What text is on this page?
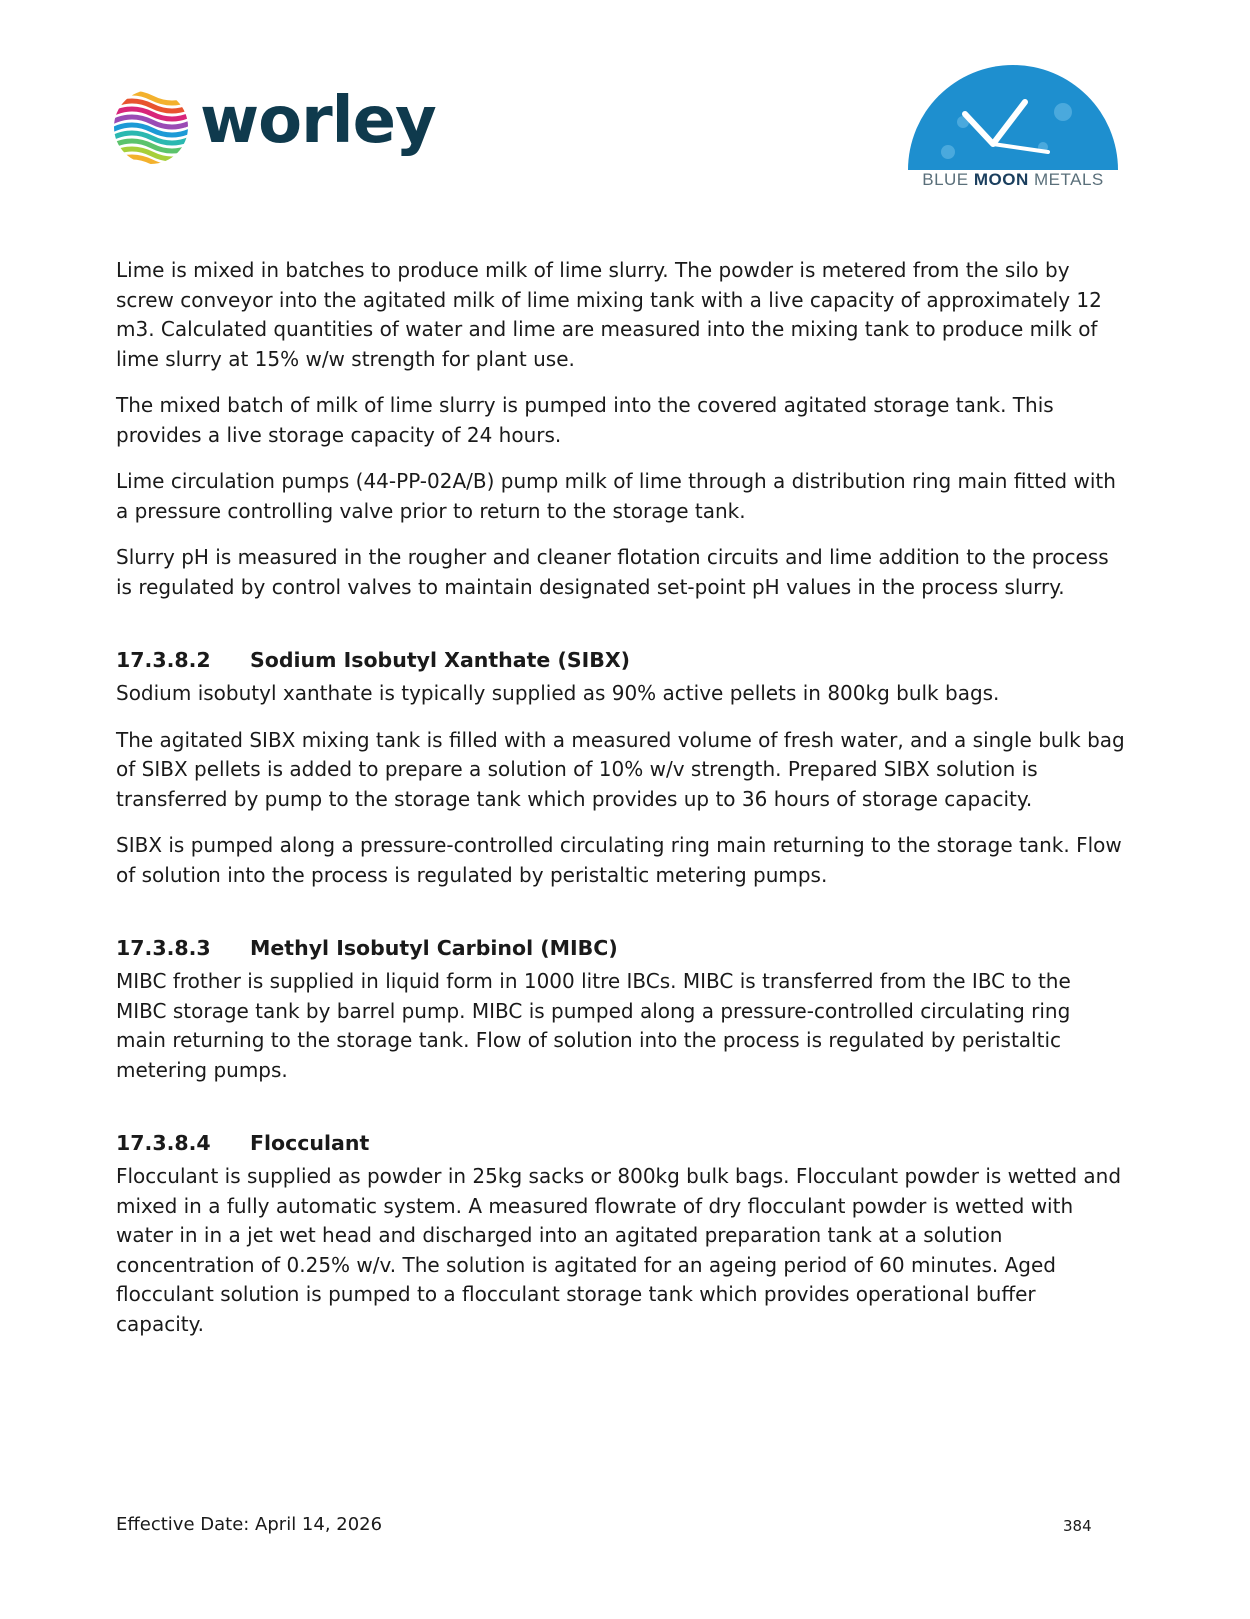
worley
BLUE MOON METALS

Lime is mixed in batches to produce milk of lime slurry. The powder is metered from the silo by screw conveyor into the agitated milk of lime mixing tank with a live capacity of approximately 12 m3. Calculated quantities of water and lime are measured into the mixing tank to produce milk of lime slurry at 15% w/w strength for plant use.

The mixed batch of milk of lime slurry is pumped into the covered agitated storage tank. This provides a live storage capacity of 24 hours.

Lime circulation pumps (44-PP-02A/B) pump milk of lime through a distribution ring main fitted with a pressure controlling valve prior to return to the storage tank.

Slurry pH is measured in the rougher and cleaner flotation circuits and lime addition to the process is regulated by control valves to maintain designated set-point pH values in the process slurry.

17.3.8.2 Sodium Isobutyl Xanthate (SIBX)

Sodium isobutyl xanthate is typically supplied as 90% active pellets in 800kg bulk bags.

The agitated SIBX mixing tank is filled with a measured volume of fresh water, and a single bulk bag of SIBX pellets is added to prepare a solution of 10% w/v strength. Prepared SIBX solution is transferred by pump to the storage tank which provides up to 36 hours of storage capacity.

SIBX is pumped along a pressure-controlled circulating ring main returning to the storage tank. Flow of solution into the process is regulated by peristaltic metering pumps.

17.3.8.3 Methyl Isobutyl Carbinol (MIBC)

MIBC frother is supplied in liquid form in 1000 litre IBCs. MIBC is transferred from the IBC to the MIBC storage tank by barrel pump. MIBC is pumped along a pressure-controlled circulating ring main returning to the storage tank. Flow of solution into the process is regulated by peristaltic metering pumps.

17.3.8.4 Flocculant

Flocculant is supplied as powder in 25kg sacks or 800kg bulk bags. Flocculant powder is wetted and mixed in a fully automatic system. A measured flowrate of dry flocculant powder is wetted with water in in a jet wet head and discharged into an agitated preparation tank at a solution concentration of 0.25% w/v. The solution is agitated for an ageing period of 60 minutes. Aged flocculant solution is pumped to a flocculant storage tank which provides operational buffer capacity.

Effective Date: April 14, 2026	384
